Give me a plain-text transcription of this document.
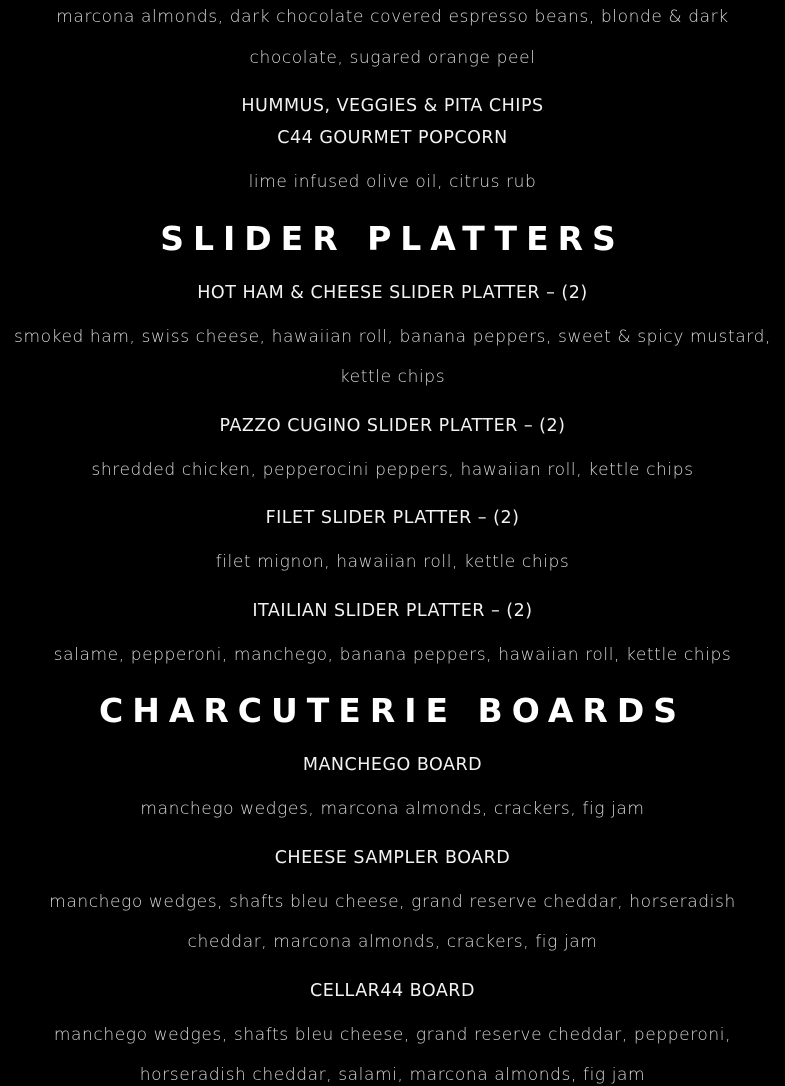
marcona almonds, dark chocolate covered espresso beans, blonde & dark

chocolate, sugared orange peel

HUMMUS, VEGGIES & PITA CHIPS

C44 GOURMET POPCORN

lime infused olive oil, citrus rub

SLIDER PLATTERS

HOT HAM & CHEESE SLIDER PLATTER – (2)

smoked ham, swiss cheese, hawaiian roll, banana peppers, sweet & spicy mustard,

kettle chips

PAZZO CUGINO SLIDER PLATTER – (2)

shredded chicken, pepperocini peppers, hawaiian roll, kettle chips

FILET SLIDER PLATTER – (2)

filet mignon, hawaiian roll, kettle chips

ITAILIAN SLIDER PLATTER – (2)

salame, pepperoni, manchego, banana peppers, hawaiian roll, kettle chips

CHARCUTERIE BOARDS

MANCHEGO BOARD

manchego wedges, marcona almonds, crackers, fig jam

CHEESE SAMPLER BOARD

manchego wedges, shafts bleu cheese, grand reserve cheddar, horseradish

cheddar, marcona almonds, crackers, fig jam

CELLAR44 BOARD

manchego wedges, shafts bleu cheese, grand reserve cheddar, pepperoni,

horseradish cheddar, salami, marcona almonds, fig jam
